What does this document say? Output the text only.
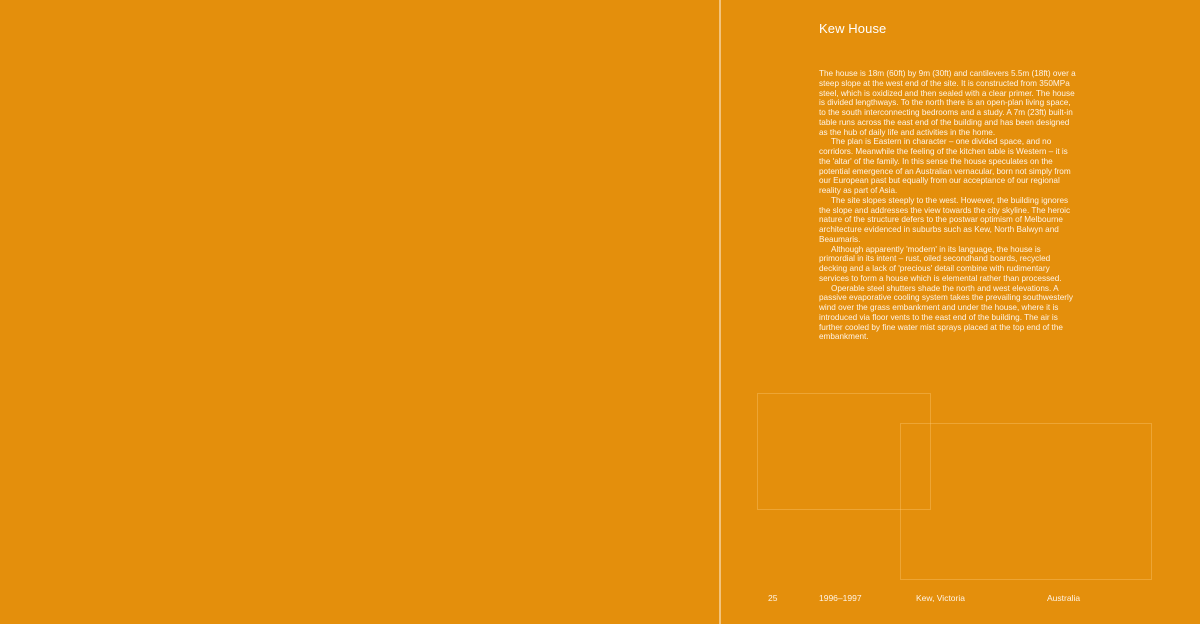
Kew House

The house is 18m (60ft) by 9m (30ft) and cantilevers 5.5m (18ft) over a steep slope at the west end of the site. It is constructed from 350MPa steel, which is oxidized and then sealed with a clear primer. The house is divided lengthways. To the north there is an open-plan living space, to the south interconnecting bedrooms and a study. A 7m (23ft) built-in table runs across the east end of the building and has been designed as the hub of daily life and activities in the home.

The plan is Eastern in character – one divided space, and no corridors. Meanwhile the feeling of the kitchen table is Western – it is the 'altar' of the family. In this sense the house speculates on the potential emergence of an Australian vernacular, born not simply from our European past but equally from our acceptance of our regional reality as part of Asia.

The site slopes steeply to the west. However, the building ignores the slope and addresses the view towards the city skyline. The heroic nature of the structure defers to the postwar optimism of Melbourne architecture evidenced in suburbs such as Kew, North Balwyn and Beaumaris.

Although apparently 'modern' in its language, the house is primordial in its intent – rust, oiled secondhand boards, recycled decking and a lack of 'precious' detail combine with rudimentary services to form a house which is elemental rather than processed.

Operable steel shutters shade the north and west elevations. A passive evaporative cooling system takes the prevailing southwesterly wind over the grass embankment and under the house, where it is introduced via floor vents to the east end of the building. The air is further cooled by fine water mist sprays placed at the top end of the embankment.

25	1996–1997	Kew, Victoria	Australia
